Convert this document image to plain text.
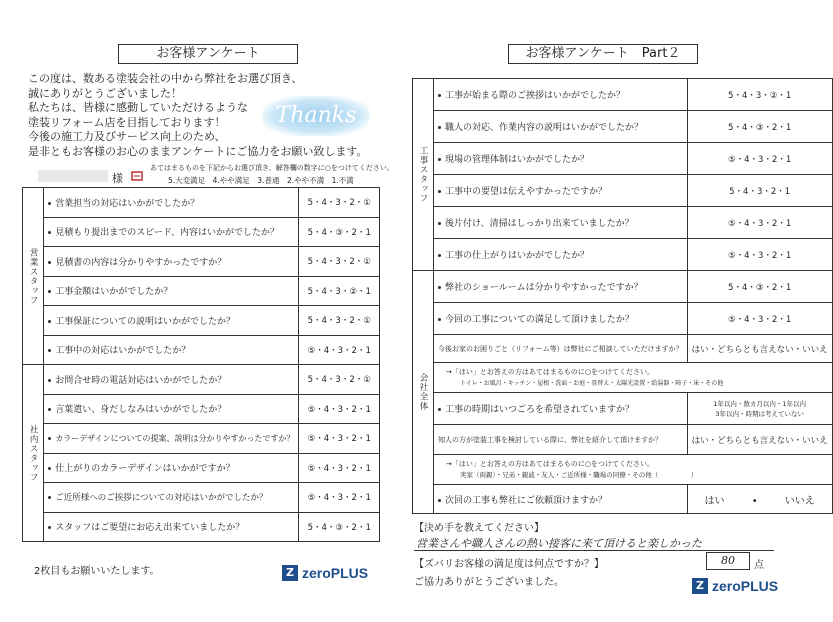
お客様アンケート
この度は、数ある塗装会社の中から弊社をお選び頂き、
誠にありがとうございました！
私たちは、皆様に感動していただけるような
塗装リフォーム店を目指しております！
今後の施工力及びサービス向上のため、
是非ともお客様のお心のままアンケートにご協力をお願い致します。
Thanks
あてはまるものを下記からお選び頂き、解答欄の数字に○をつけてください。
様	5.大変満足　4.やや満足　3.普通　2.やや不満　1.不満
営業スタッフ	営業担当の対応はいかがでしたか？	5・4・3・2・①
	見積もり提出までのスピード、内容はいかがでしたか？	5・4・③・2・1
	見積書の内容は分かりやすかったですか？	5・4・3・2・①
	工事金額はいかがでしたか？	5・4・3・②・1
	工事保証についての説明はいかがでしたか？	5・4・3・2・①
	工事中の対応はいかがでしたか？	⑤・4・3・2・1

社内スタッフ	お問合せ時の電話対応はいかがでしたか？	5・4・3・2・①
	言葉遣い、身だしなみはいかがでしたか？	⑤・4・3・2・1
	カラーデザインについての提案、説明は分かりやすかったですか？	⑤・4・3・2・1
	仕上がりのカラーデザインはいかがですか？	⑤・4・3・2・1
	ご近所様へのご挨拶についての対応はいかがでしたか？	⑤・4・3・2・1
	スタッフはご要望にお応え出来ていましたか？	5・4・③・2・1
2枚目もお願いいたします。	Z zeroPLUS
お客様アンケート　Part２
工事スタッフ	工事が始まる際のご挨拶はいかがでしたか？	5・4・3・②・1
	職人の対応、作業内容の説明はいかがでしたか？	5・4・③・2・1
	現場の管理体制はいかがでしたか？	⑤・4・3・2・1
	工事中の要望は伝えやすかったですか？	5・4・3・2・1
	後片付け、清掃はしっかり出来ていましたか？	⑤・4・3・2・1
	工事の仕上がりはいかがでしたか？	⑤・4・3・2・1

会社全体	弊社のショールームは分かりやすかったですか？	5・4・③・2・1
	今回の工事についての満足して頂けましたか？	⑤・4・3・2・1
	今後お家のお困りごと（リフォーム等）は弊社にご相談していただけますか？	はい・どちらとも言えない・いいえ

	→「はい」とお答えの方はあてはまるものに○をつけてください。
トイレ・お風呂・キッチン・屋根・洗面・お庭・畳替え・太陽光設置・給湯器・障子・床・その他	

	工事の時期はいつごろを希望されていますか？	1年以内・数カ月以内・1年以内
3年以内・時期は考えていない

	知人の方が塗装工事を検討している際に、弊社を紹介して頂けますか？	はい・どちらとも言えない・いいえ

	→「はい」とお答えの方はあてはまるものに○をつけてください。
実家（両親）・兄弟・親戚・友人・ご近所様・職場の同僚・その他（　　　　　）	

	次回の工事も弊社にご依頼頂けますか？	はい • いいえ
【決め手を教えてください】
営業さんや職人さんの熱い接客に来て頂けると楽しかった
【ズバリお客様の満足度は何点ですか？】	80	点
ご協力ありがとうございました。	Z zeroPLUS
